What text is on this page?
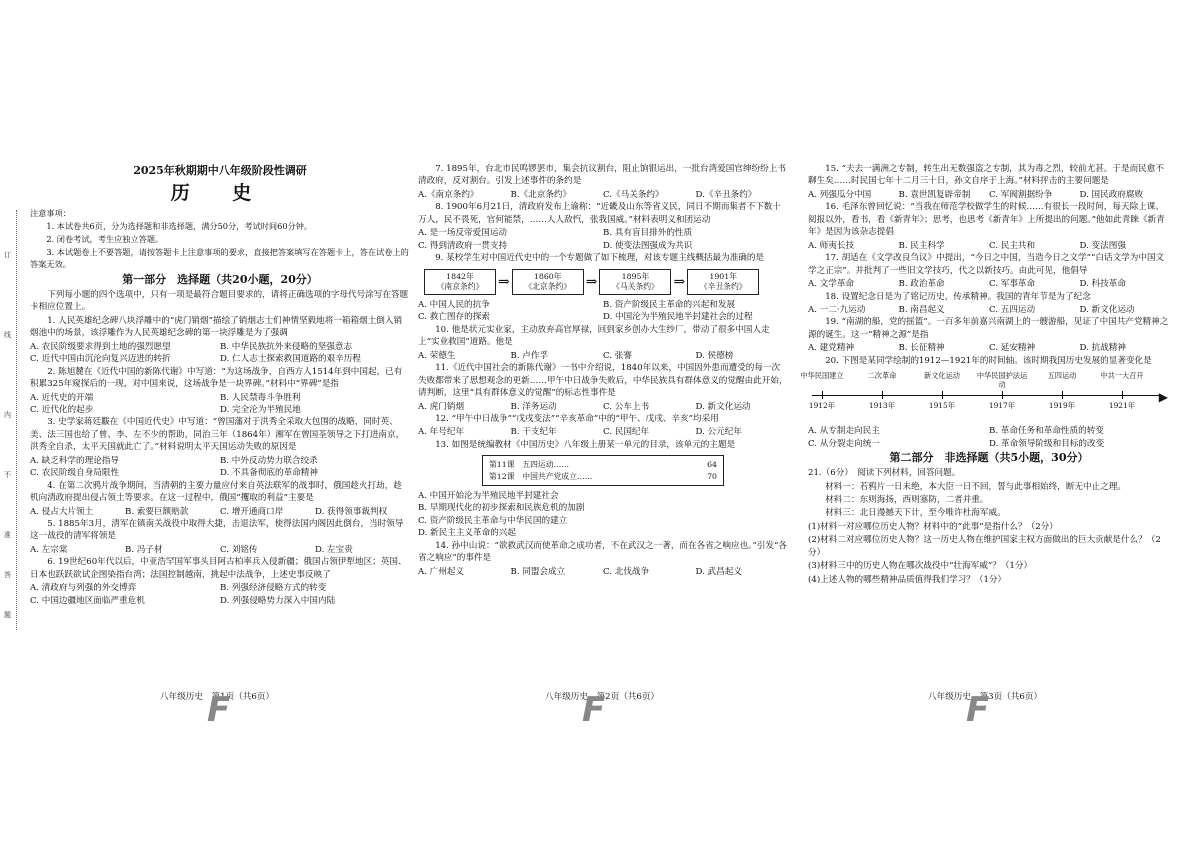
订
线
内
不
准
答
题

2025年秋期期中八年级阶段性调研

历 史

注意事项：

1. 本试卷共6页，分为选择题和非选择题，满分50分，考试时间60分钟。

2. 闭卷考试，考生应独立答题。

3. 本试题卷上不要答题，请按答题卡上注意事项的要求，直接把答案填写在答题卡上，答在试卷上的答案无效。

第一部分　选择题（共20小题，20分）

下列每小题的四个选项中，只有一项是最符合题目要求的，请将正确选项的字母代号涂写在答题卡相应位置上。

1. 人民英雄纪念碑八块浮雕中的“虎门销烟”描绘了销烟志士们神情坚毅地将一箱箱烟土倒入销烟池中的场景，该浮雕作为人民英雄纪念碑的第一块浮雕是为了强调

A. 农民阶级要求得到土地的强烈愿望	B. 中华民族抗外来侵略的坚强意志
C. 近代中国由沉沦向复兴迈进的转折	D. 仁人志士探索救国道路的艰辛历程

2. 陈旭麓在《近代中国的新陈代谢》中写道：“为这场战争，自西方人1514年到中国起，已有积累325年窥探后的一现，对中国来说，这场战争是一块界碑。”材料中“界碑”是指

A. 近代史的开端	B. 人民禁毒斗争胜利
C. 近代化的起步	D. 完全沦为半殖民地

3. 史学家蒋廷黻在《中国近代史》中写道：“曾国藩对于洪秀全采取大包围的战略，同时英、美、法三国也给了曾、李、左不少的帮助，同治三年（1864年）湘军在曾国荃领导之下打进南京，洪秀全自杀，太平天国就此亡了。”材料说明太平天国运动失败的原因是

A. 缺乏科学的理论指导	B. 中外反动势力联合绞杀
C. 农民阶级自身局限性	D. 不具备彻底的革命精神

4. 在第二次鸦片战争期间，当清朝的主要力量应付来自英法联军的战事时，俄国趁火打劫，趁机向清政府提出侵占领土等要求。在这一过程中，俄国“攫取的利益”主要是

A. 侵占大片领土	B. 索要巨额赔款	C. 增开通商口岸	D. 获得领事裁判权

5. 1885年3月，清军在镇南关战役中取得大捷，击退法军，使得法国内阁因此倒台，当时领导这一战役的清军将领是

A. 左宗棠	B. 冯子材	C. 刘铭传	D. 左宝贵

6. 19世纪60年代以后，中亚浩罕国军事头目阿古柏率兵入侵新疆；俄国占领伊犁地区；英国、日本也跃跃欲试企图染指台湾；法国控制越南，挑起中法战争，上述史事反映了

A. 清政府与列强的外交博弈	B. 列强经济侵略方式的转变
C. 中国边疆地区面临严重危机	D. 列强侵略势力深入中国内陆
八年级历史　第1页（共6页）
F

7. 1895年，台北市民鸣锣罢市，集会抗议割台，阻止饷银运出，一批台湾爱国官绅纷纷上书清政府，反对割台。引发上述事件的条约是

A.《南京条约》	B.《北京条约》	C.《马关条约》	D.《辛丑条约》

8. 1900年6月21日，清政府发布上谕称：“近畿及山东等省义民，同日不期而集者不下数十万人，民不畏死，官何能禁，……人人敌忾，张我国威。”材料表明义和团运动

A. 是一场反帝爱国运动	B. 具有盲目排外的性质
C. 得到清政府一贯支持	D. 使变法图强成为共识

9. 某校学生对中国近代史中的一个专题做了如下梳理，对该专题主线概括最为准确的是

1842年
《南京条约》	⇒	1860年
《北京条约》	⇒	1895年
《马关条约》	⇒	1901年
《辛丑条约》
A. 中国人民的抗争	B. 资产阶级民主革命的兴起和发展
C. 救亡图存的探索	D. 中国沦为半殖民地半封建社会的过程

10. 他是状元实业家，主动放弃高官厚禄，回到家乡创办大生纱厂，带动了很多中国人走上“实业救国”道路。他是

A. 荣德生	B. 卢作孚	C. 张謇	D. 侯德榜

11.《近代中国社会的新陈代谢》一书中介绍说，1840年以来，中国因外患而遭受的每一次失败都带来了思想观念的更新……甲午中日战争失败后，中华民族具有群体意义的觉醒由此开始，请判断，这里“具有群体意义的觉醒”的标志性事件是

A. 虎门销烟	B. 洋务运动	C. 公车上书	D. 新文化运动

12. “甲午中日战争”“戊戌变法”“辛亥革命”中的“甲午、戊戌、辛亥”均采用

A. 年号纪年	B. 干支纪年	C. 民国纪年	D. 公元纪年

13. 如图是统编教材《中国历史》八年级上册某一单元的目录，该单元的主题是

第11课　五四运动……	64
第12课　中国共产党成立……	70
A. 中国开始沦为半殖民地半封建社会
B. 早期现代化的初步探索和民族危机的加剧
C. 资产阶级民主革命与中华民国的建立
D. 新民主主义革命的兴起

14. 孙中山说：“欲救武汉而使革命之成功者，不在武汉之一著，而在各省之响应也。”引发“各省之响应”的事件是

A. 广州起义	B. 同盟会成立	C. 北伐战争	D. 武昌起义
八年级历史　第2页（共6页）
F

15. “夫去一满洲之专制，转生出无数强盗之专制，其为毒之烈，较前尤甚。于是而民愈不聊生矣……时民国七年十二月三十日，孙文自序于上海。”材料抨击的主要问题是

A. 列强瓜分中国	B. 袁世凯复辟帝制	C. 军阀割据纷争	D. 国民政府腐败

16. 毛泽东曾回忆说：“当我在师范学校做学生的时候……有很长一段时间，每天除上课、阅报以外，看书，看《新青年》；思考，也思考《新青年》上所提出的问题。”他如此青睐《新青年》是因为该杂志提倡

A. 师夷长技	B. 民主科学	C. 民主共和	D. 变法图强

17. 胡适在《文学改良刍议》中提出，“今日之中国，当造今日之文学”“白话文学为中国文学之正宗”。并批判了一些旧文学技巧，代之以新技巧。由此可见，他倡导

A. 文学革命	B. 政治革命	C. 军事革命	D. 科技革命

18. 设置纪念日是为了铭记历史，传承精神。我国的青年节是为了纪念

A. 一二·九运动	B. 南昌起义	C. 五四运动	D. 新文化运动

19. “南湖的船，党的摇篮”。一百多年前嘉兴南湖上的一艘游船，见证了中国共产党精神之源的诞生。这一“精神之源”是指

A. 建党精神	B. 长征精神	C. 延安精神	D. 抗战精神

20. 下图是某同学绘制的1912—1921年的时间轴。该时期我国历史发展的显著变化是

▶
中华民国建立
1912年
二次革命
1913年
新文化运动
1915年
中华民国护法运动
1917年
五四运动
1919年
中共一大召开
1921年
A. 从专制走向民主	B. 革命任务和革命性质的转变
C. 从分裂走向统一	D. 革命领导阶级和目标的改变

第二部分　非选择题（共5小题，30分）

21.（6分）　阅读下列材料，回答问题。

材料一：若鸦片一日未绝，本大臣一日不回，誓与此事相始终，断无中止之理。

材料二：东则海扬，西则塞防，二者并重。

材料三：北日漫撼天下计，至今唯许杜海军威。

(1)材料一对应哪位历史人物？材料中的“此事”是指什么？（2分）

(2)材料二对应哪位历史人物？这一历史人物在维护国家主权方面做出的巨大贡献是什么？（2分）

(3)材料三中的历史人物在哪次战役中“壮海军威”？（1分）

(4)上述人物的哪些精神品质值得我们学习？（1分）

八年级历史　第3页（共6页）
F
